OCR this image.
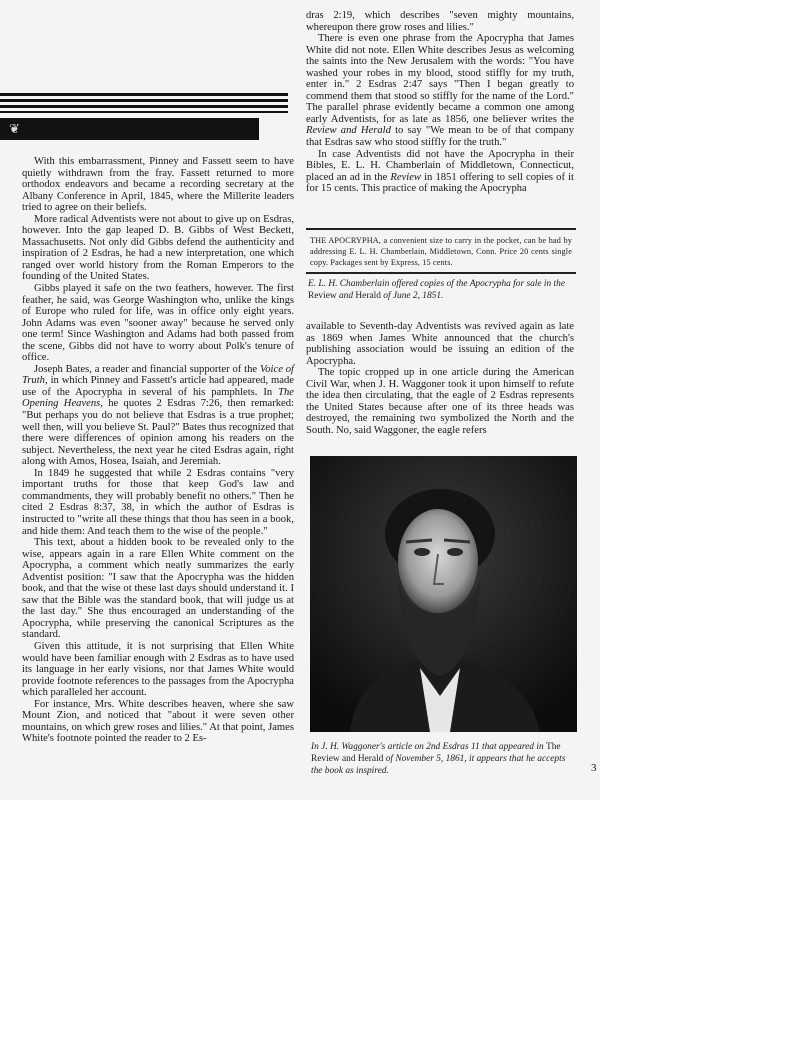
❦

With this embarrassment, Pinney and Fassett seem to have quietly withdrawn from the fray. Fassett returned to more orthodox endeavors and became a recording secretary at the Albany Conference in April, 1845, where the Millerite leaders tried to agree on their beliefs.

More radical Adventists were not about to give up on Esdras, however. Into the gap leaped D. B. Gibbs of West Beckett, Massachusetts. Not only did Gibbs defend the authenticity and inspiration of 2 Esdras, he had a new interpretation, one which ranged over world history from the Roman Emperors to the founding of the United States.

Gibbs played it safe on the two feathers, however. The first feather, he said, was George Washington who, unlike the kings of Europe who ruled for life, was in office only eight years. John Adams was even "sooner away" because he served only one term! Since Washington and Adams had both passed from the scene, Gibbs did not have to worry about Polk's tenure of office.

Joseph Bates, a reader and financial supporter of the Voice of Truth, in which Pinney and Fassett's article had appeared, made use of the Apocrypha in several of his pamphlets. In The Opening Heavens, he quotes 2 Esdras 7:26, then remarked: "But perhaps you do not believe that Esdras is a true prophet; well then, will you believe St. Paul?" Bates thus recognized that there were differences of opinion among his readers on the subject. Nevertheless, the next year he cited Esdras again, right along with Amos, Hosea, Isaiah, and Jeremiah.

In 1849 he suggested that while 2 Esdras contains "very important truths for those that keep God's law and commandments, they will probably benefit no others." Then he cited 2 Esdras 8:37, 38, in which the author of Esdras is instructed to "write all these things that thou has seen in a book, and hide them: And teach them to the wise of the people."

This text, about a hidden book to be revealed only to the wise, appears again in a rare Ellen White comment on the Apocrypha, a comment which neatly summarizes the early Adventist position: "I saw that the Apocrypha was the hidden book, and that the wise ot these last days should understand it. I saw that the Bible was the standard book, that will judge us at the last day." She thus encouraged an understanding of the Apocrypha, while preserving the canonical Scriptures as the standard.

Given this attitude, it is not surprising that Ellen White would have been familiar enough with 2 Esdras as to have used its language in her early visions, nor that James White would provide footnote references to the passages from the Apocrypha which paralleled her account.

For instance, Mrs. White describes heaven, where she saw Mount Zion, and noticed that "about it were seven other mountains, on which grew roses and lilies." At that point, James White's footnote pointed the reader to 2 Es-

dras 2:19, which describes "seven mighty mountains, whereupon there grow roses and lilies."

There is even one phrase from the Apocrypha that James White did not note. Ellen White describes Jesus as welcoming the saints into the New Jerusalem with the words: "You have washed your robes in my blood, stood stiffly for my truth, enter in." 2 Esdras 2:47 says "Then I began greatly to commend them that stood so stiffly for the name of the Lord." The parallel phrase evidently became a common one among early Adventists, for as late as 1856, one believer writes the Review and Herald to say "We mean to be of that company that Esdras saw who stood stiffly for the truth."

In case Adventists did not have the Apocrypha in their Bibles, E. L. H. Chamberlain of Middletown, Connecticut, placed an ad in the Review in 1851 offering to sell copies of it for 15 cents. This practice of making the Apocrypha

THE APOCRYPHA, a convenient size to carry in the pocket, can be had by addressing E. L. H. Chamberlain, Middletown, Conn. Price 20 cents single copy. Packages sent by Express, 15 cents.
E. L. H. Chamberlain offered copies of the Apocrypha for sale in the Review and Herald of June 2, 1851.

available to Seventh-day Adventists was revived again as late as 1869 when James White announced that the church's publishing association would be issuing an edition of the Apocrypha.

The topic cropped up in one article during the American Civil War, when J. H. Waggoner took it upon himself to refute the idea then circulating, that the eagle of 2 Esdras represents the United States because after one of its three heads was destroyed, the remaining two symbolized the North and the South. No, said Waggoner, the eagle refers

In J. H. Waggoner's article on 2nd Esdras 11 that appeared in The Review and Herald of November 5, 1861, it appears that he accepts the book as inspired.	3
